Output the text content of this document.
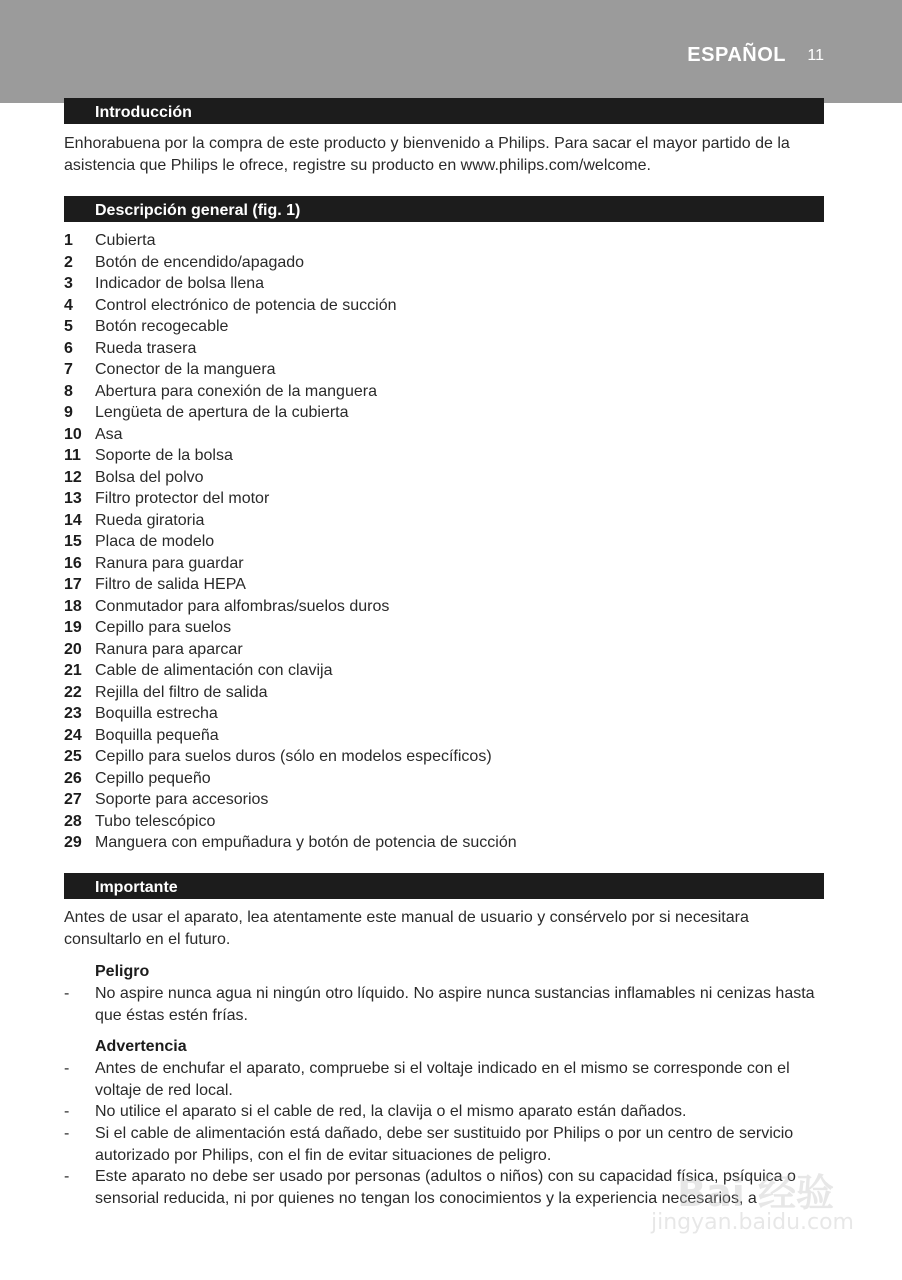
ESPAÑOL 11
Introducción
Enhorabuena por la compra de este producto y bienvenido a Philips. Para sacar el mayor partido de la asistencia que Philips le ofrece, registre su producto en www.philips.com/welcome.
Descripción general (fig. 1)
1 Cubierta
2 Botón de encendido/apagado
3 Indicador de bolsa llena
4 Control electrónico de potencia de succión
5 Botón recogecable
6 Rueda trasera
7 Conector de la manguera
8 Abertura para conexión de la manguera
9 Lengüeta de apertura de la cubierta
10 Asa
11 Soporte de la bolsa
12 Bolsa del polvo
13 Filtro protector del motor
14 Rueda giratoria
15 Placa de modelo
16 Ranura para guardar
17 Filtro de salida HEPA
18 Conmutador para alfombras/suelos duros
19 Cepillo para suelos
20 Ranura para aparcar
21 Cable de alimentación con clavija
22 Rejilla del filtro de salida
23 Boquilla estrecha
24 Boquilla pequeña
25 Cepillo para suelos duros (sólo en modelos específicos)
26 Cepillo pequeño
27 Soporte para accesorios
28 Tubo telescópico
29 Manguera con empuñadura y botón de potencia de succión
Importante
Antes de usar el aparato, lea atentamente este manual de usuario y consérvelo por si necesitara consultarlo en el futuro.
Peligro
- No aspire nunca agua ni ningún otro líquido. No aspire nunca sustancias inflamables ni cenizas hasta que éstas estén frías.
Advertencia
- Antes de enchufar el aparato, compruebe si el voltaje indicado en el mismo se corresponde con el voltaje de red local.
- No utilice el aparato si el cable de red, la clavija o el mismo aparato están dañados.
- Si el cable de alimentación está dañado, debe ser sustituido por Philips o por un centro de servicio autorizado por Philips, con el fin de evitar situaciones de peligro.
- Este aparato no debe ser usado por personas (adultos o niños) con su capacidad física, psíquica o sensorial reducida, ni por quienes no tengan los conocimientos y la experiencia necesarios, a
Bai 经验
jingyan.baidu.com
